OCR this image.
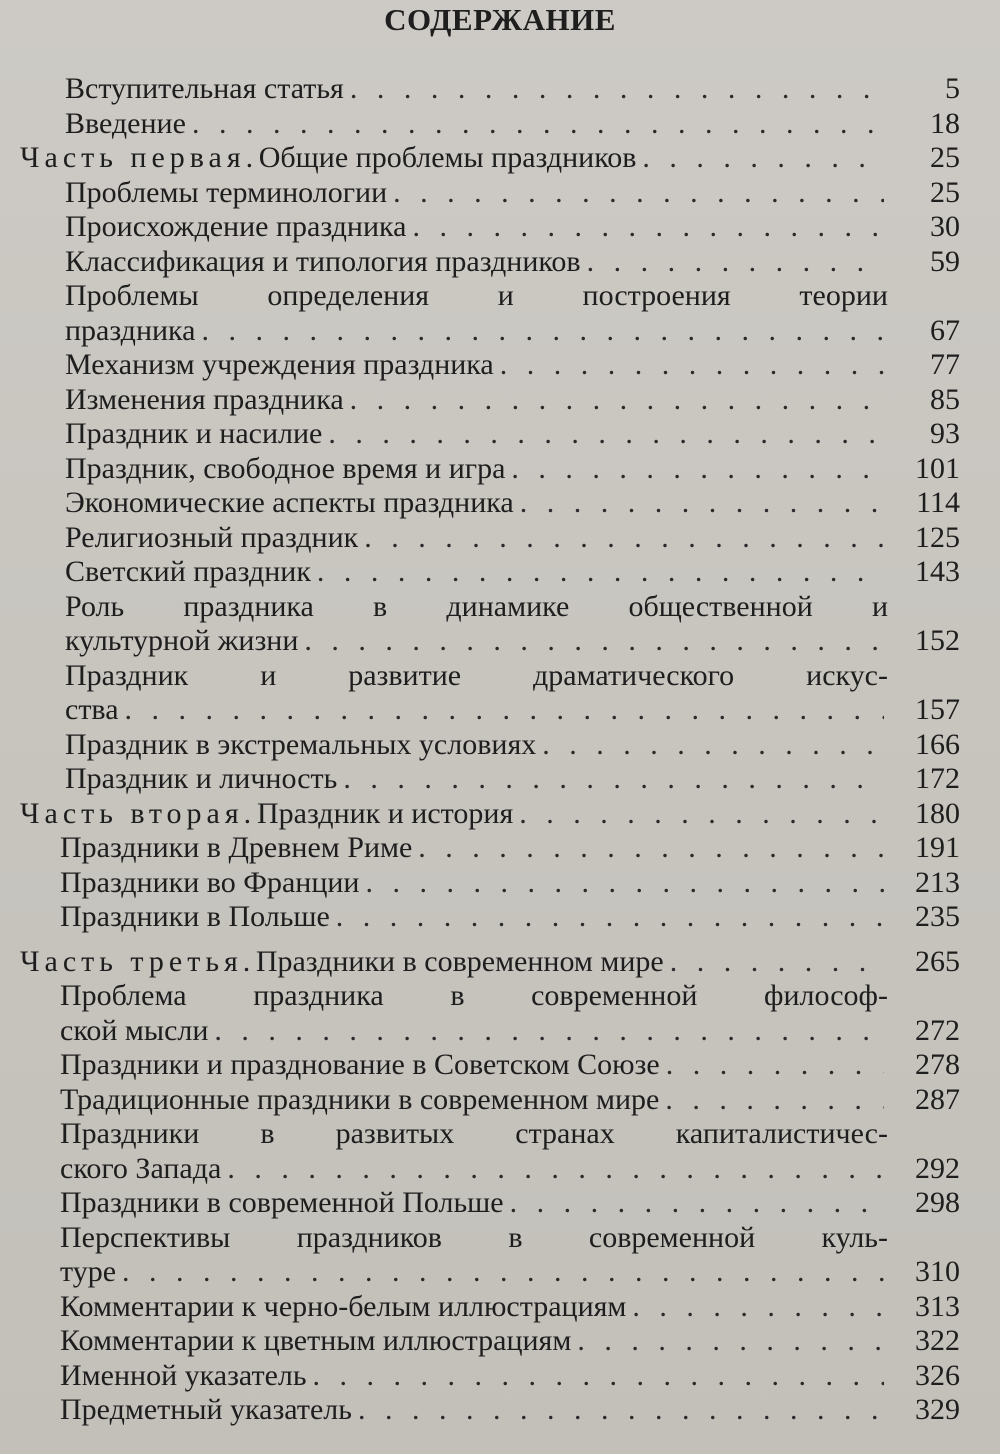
СОДЕРЖАНИЕ
Вступительная статья . . .	5
Введение . . .	18
Часть первая. Общие проблемы праздников . . .	25
Проблемы терминологии . . .	25
Происхождение праздника . . .	30
Классификация и типология праздников . . .	59
Проблемы определения и построения теории
праздника . . .	67
Механизм учреждения праздника . . .	77
Изменения праздника . . .	85
Праздник и насилие . . .	93
Праздник, свободное время и игра . . .	101
Экономические аспекты праздника . . .	114
Религиозный праздник . . .	125
Светский праздник . . .	143
Роль праздника в динамике общественной и
культурной жизни . . .	152
Праздник и развитие драматического искус-
ства . . .	157
Праздник в экстремальных условиях . . .	166
Праздник и личность . . .	172
Часть вторая. Праздник и история . . .	180
Праздники в Древнем Риме . . .	191
Праздники во Франции . . .	213
Праздники в Польше . . .	235
Часть третья. Праздники в современном мире . . .	265
Проблема праздника в современной философ-
ской мысли . . .	272
Праздники и празднование в Советском Союзе . . .	278
Традиционные праздники в современном мире . . .	287
Праздники в развитых странах капиталистичес-
ского Запада . . .	292
Праздники в современной Польше . . .	298
Перспективы праздников в современной куль-
туре . . .	310
Комментарии к черно-белым иллюстрациям . . .	313
Комментарии к цветным иллюстрациям . . .	322
Именной указатель . . .	326
Предметный указатель . . .	329
